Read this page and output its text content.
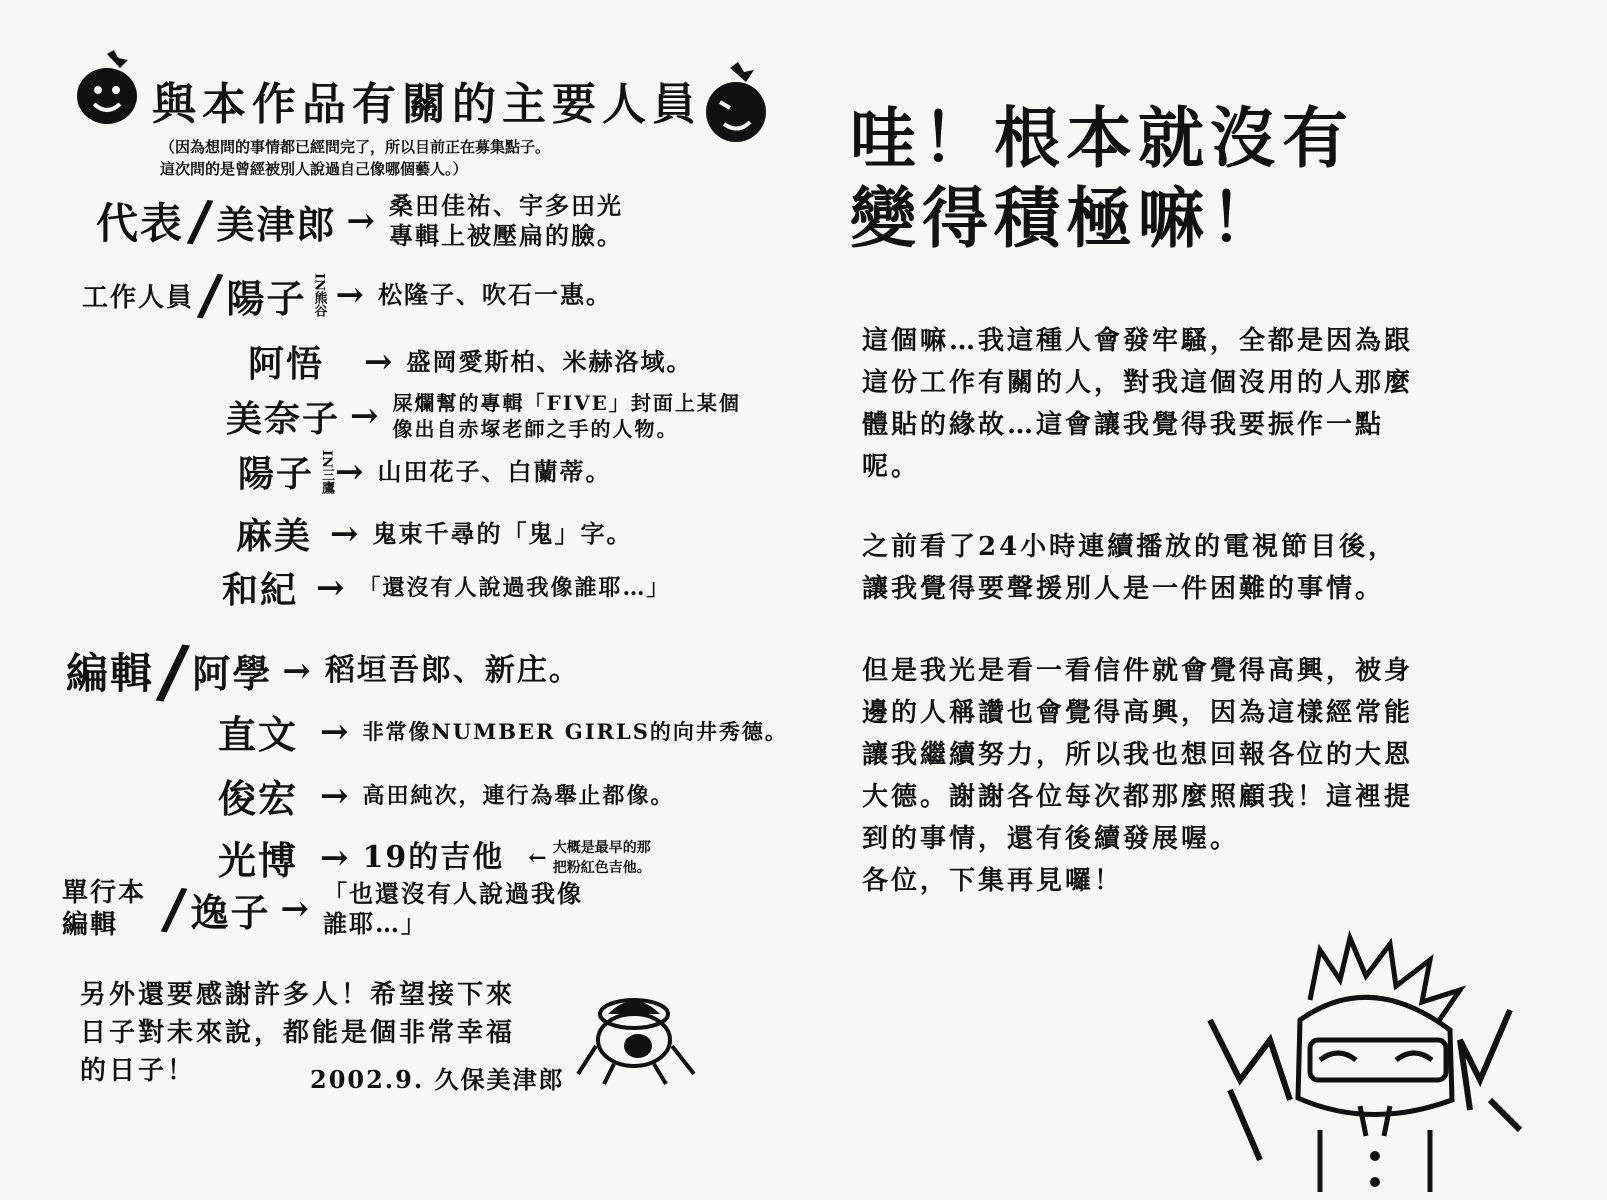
與本作品有關的主要人員
（因為想問的事情都已經問完了，所以目前正在募集點子。
這次問的是曾經被別人說過自己像哪個藝人。）
代表 / 美津郎 → 桑田佳祐、宇多田光
專輯上被壓扁的臉。
工作人員 / 陽子 IN熊谷 → 松隆子、吹石一惠。
阿悟 → 盛岡愛斯柏、米赫洛域。
美奈子 → 屎爛幫的專輯「FIVE」封面上某個
像出自赤塚老師之手的人物。
陽子 IN三鷹 → 山田花子、白蘭蒂。
麻美 → 鬼束千尋的「鬼」字。
和紀 → 「還沒有人說過我像誰耶…」
編輯 / 阿學 → 稻垣吾郎、新庄。
直文 → 非常像NUMBER GIRLS的向井秀德。
俊宏 → 高田純次，連行為舉止都像。
光博 → 19的吉他 ← 大概是最早的那
把粉紅色吉他。
單行本編輯 / 逸子 → 「也還沒有人說過我像
誰耶…」
另外還要感謝許多人！希望接下來
日子對未來說，都能是個非常幸福
的日子！	2002.9. 久保美津郎
哇！根本就沒有
變得積極嘛！
這個嘛…我這種人會發牢騷，全都是因為跟
這份工作有關的人，對我這個沒用的人那麼
體貼的緣故…這會讓我覺得我要振作一點
呢。
之前看了24小時連續播放的電視節目後，
讓我覺得要聲援別人是一件困難的事情。
但是我光是看一看信件就會覺得高興，被身
邊的人稱讚也會覺得高興，因為這樣經常能
讓我繼續努力，所以我也想回報各位的大恩
大德。謝謝各位每次都那麼照顧我！這裡提
到的事情，還有後續發展喔。
各位，下集再見囉！
